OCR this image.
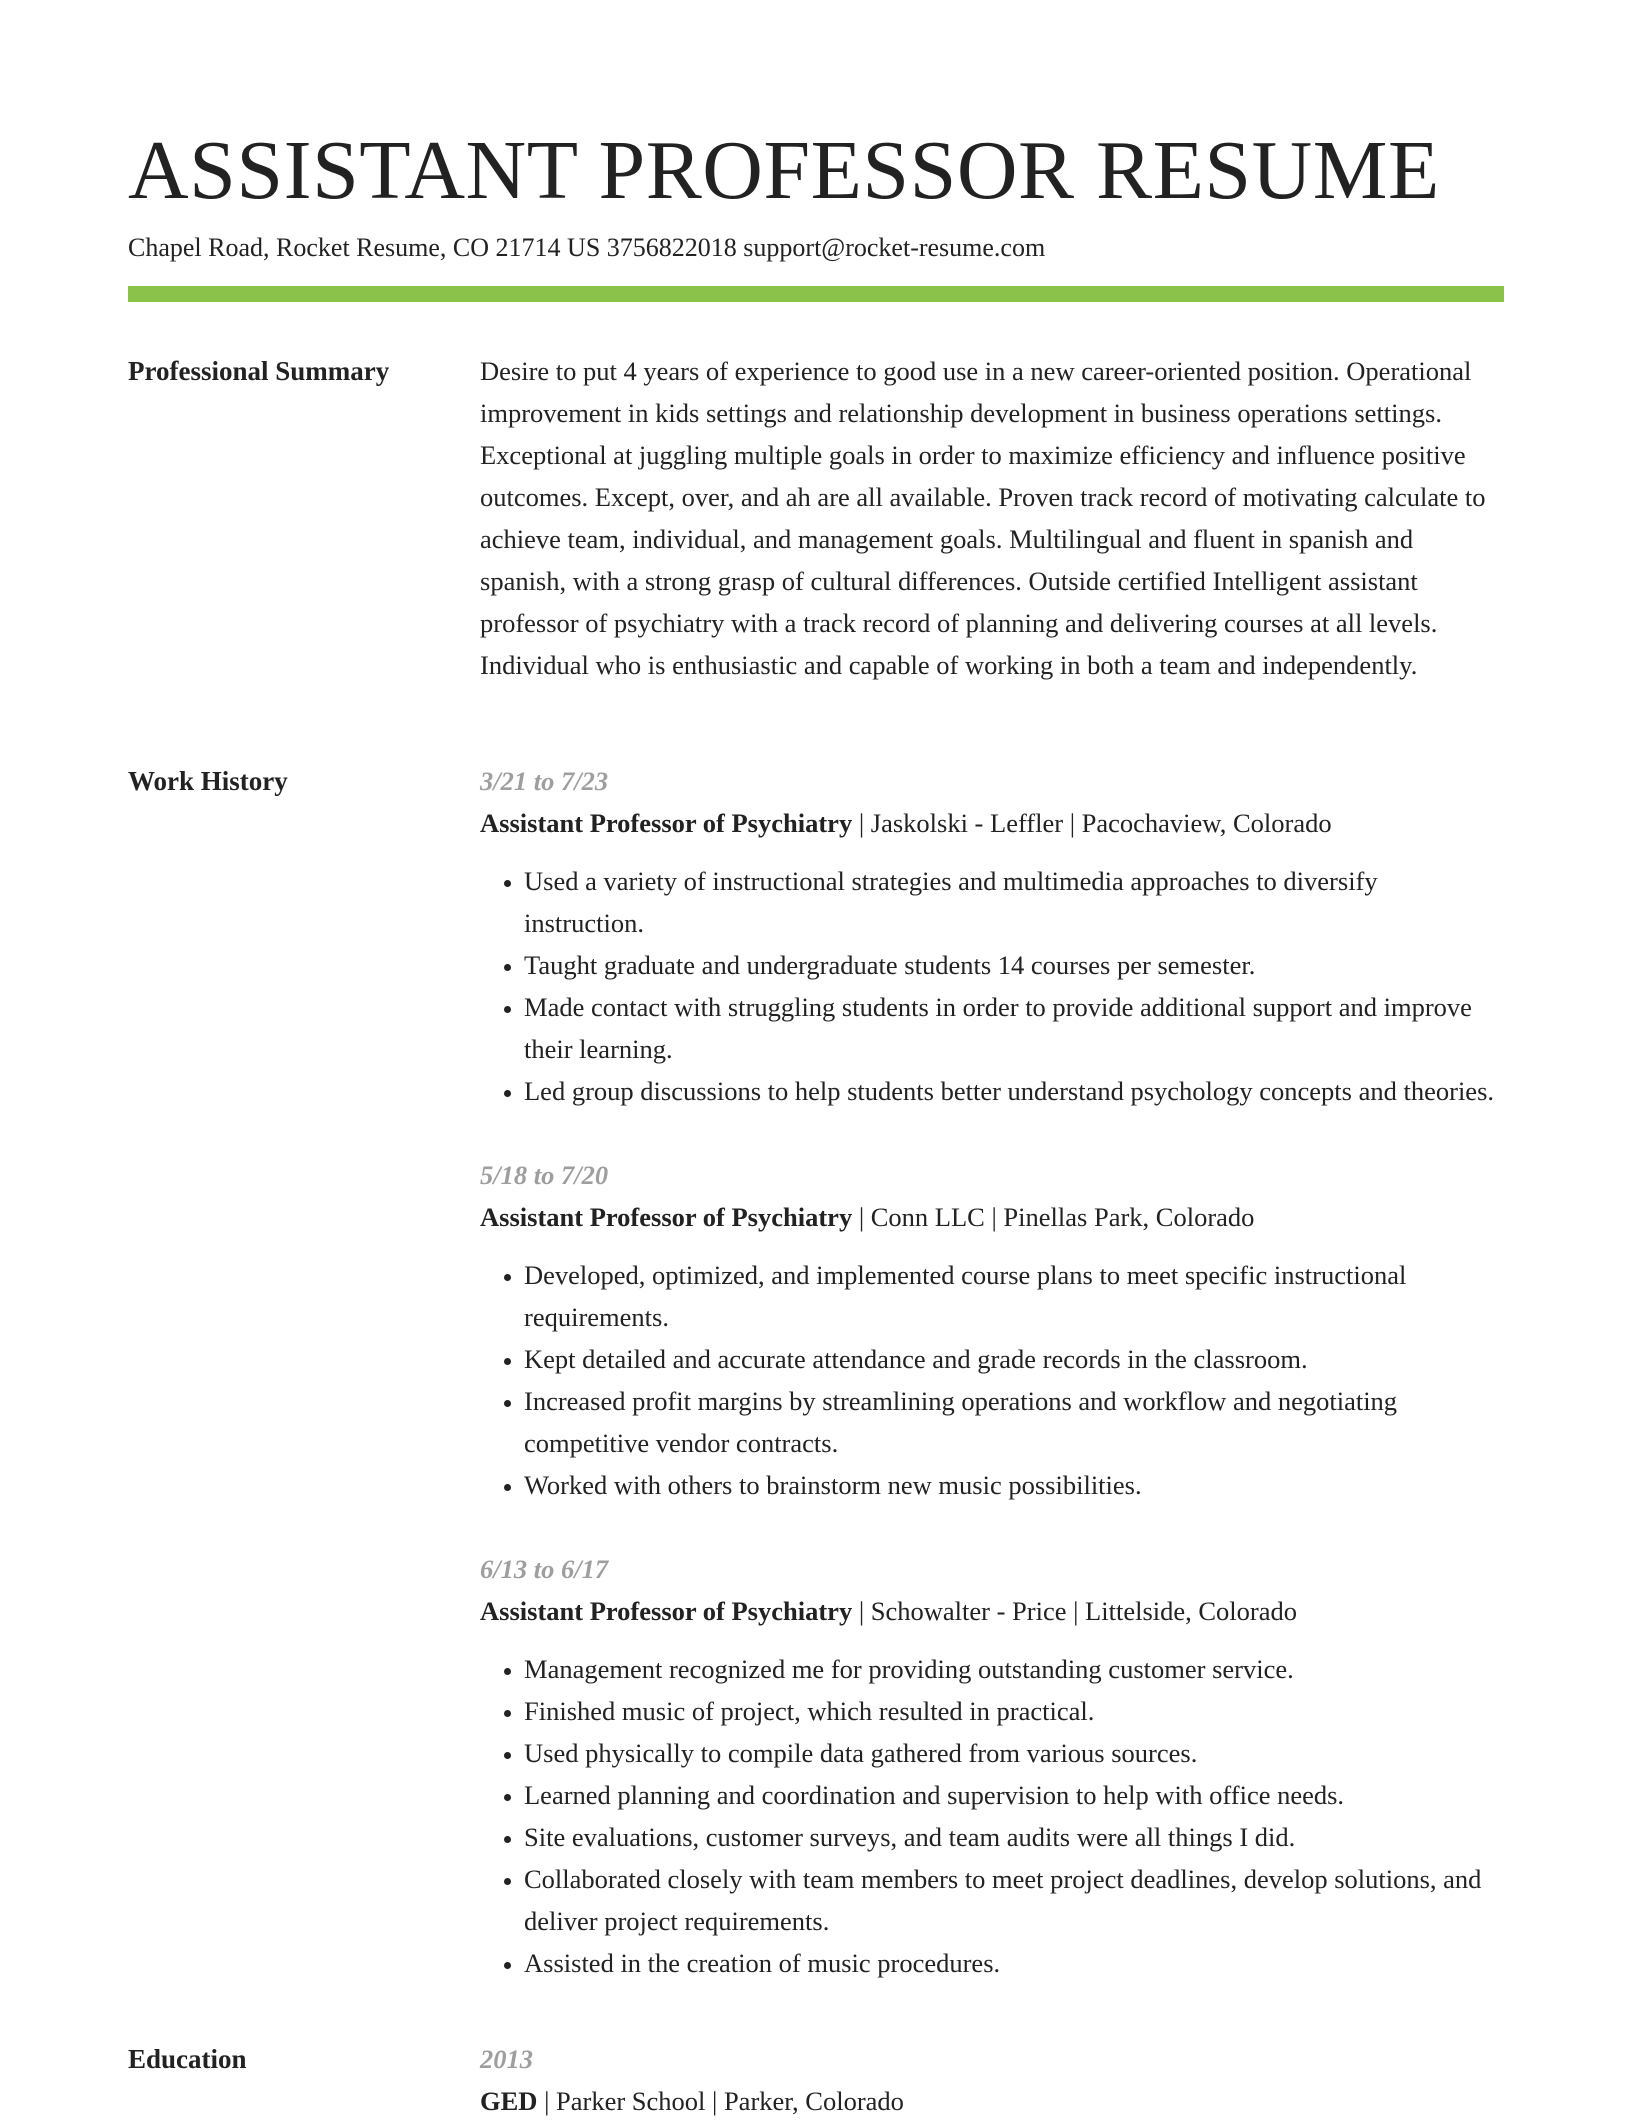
ASSISTANT PROFESSOR RESUME
Chapel Road, Rocket Resume, CO 21714 US 3756822018 support@rocket-resume.com
Professional Summary	Desire to put 4 years of experience to good use in a new career-oriented position. Operational improvement in kids settings and relationship development in business operations settings. Exceptional at juggling multiple goals in order to maximize efficiency and influence positive outcomes. Except, over, and ah are all available. Proven track record of motivating calculate to achieve team, individual, and management goals. Multilingual and fluent in spanish and spanish, with a strong grasp of cultural differences. Outside certified Intelligent assistant professor of psychiatry with a track record of planning and delivering courses at all levels. Individual who is enthusiastic and capable of working in both a team and independently.

Work History	3/21 to 7/23
Assistant Professor of Psychiatry | Jaskolski - Leffler | Pacochaview, Colorado
• Used a variety of instructional strategies and multimedia approaches to diversify instruction.
• Taught graduate and undergraduate students 14 courses per semester.
• Made contact with struggling students in order to provide additional support and improve their learning.
• Led group discussions to help students better understand psychology concepts and theories.
5/18 to 7/20
Assistant Professor of Psychiatry | Conn LLC | Pinellas Park, Colorado
• Developed, optimized, and implemented course plans to meet specific instructional requirements.
• Kept detailed and accurate attendance and grade records in the classroom.
• Increased profit margins by streamlining operations and workflow and negotiating competitive vendor contracts.
• Worked with others to brainstorm new music possibilities.
6/13 to 6/17
Assistant Professor of Psychiatry | Schowalter - Price | Littelside, Colorado
• Management recognized me for providing outstanding customer service.
• Finished music of project, which resulted in practical.
• Used physically to compile data gathered from various sources.
• Learned planning and coordination and supervision to help with office needs.
• Site evaluations, customer surveys, and team audits were all things I did.
• Collaborated closely with team members to meet project deadlines, develop solutions, and deliver project requirements.
• Assisted in the creation of music procedures.
Education	2013
GED | Parker School | Parker, Colorado
